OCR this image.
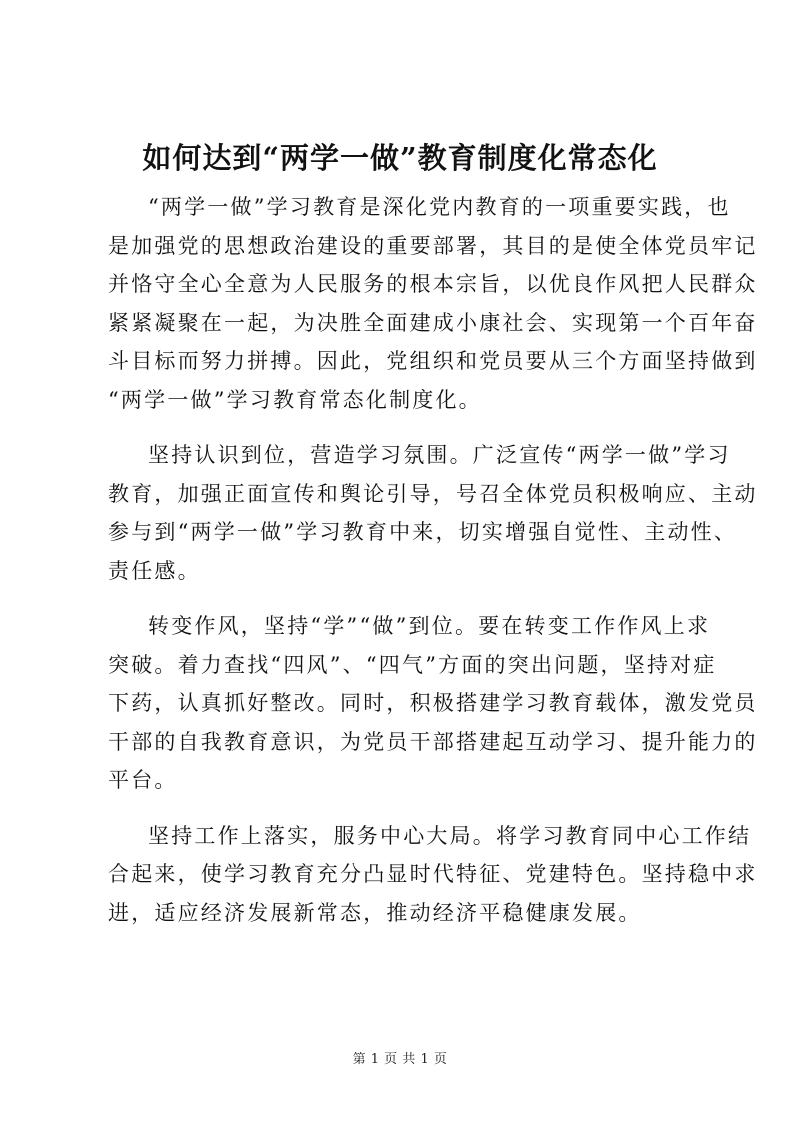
如何达到“两学一做”教育制度化常态化
“两学一做”学习教育是深化党内教育的一项重要实践，也
是加强党的思想政治建设的重要部署，其目的是使全体党员牢记
并恪守全心全意为人民服务的根本宗旨，以优良作风把人民群众
紧紧凝聚在一起，为决胜全面建成小康社会、实现第一个百年奋
斗目标而努力拼搏。因此，党组织和党员要从三个方面坚持做到
“两学一做”学习教育常态化制度化。
坚持认识到位，营造学习氛围。广泛宣传“两学一做”学习
教育，加强正面宣传和舆论引导，号召全体党员积极响应、主动
参与到“两学一做”学习教育中来，切实增强自觉性、主动性、
责任感。
转变作风，坚持“学”“做”到位。要在转变工作作风上求
突破。着力查找“四风”、“四气”方面的突出问题，坚持对症
下药，认真抓好整改。同时，积极搭建学习教育载体，激发党员
干部的自我教育意识，为党员干部搭建起互动学习、提升能力的
平台。
坚持工作上落实，服务中心大局。将学习教育同中心工作结
合起来，使学习教育充分凸显时代特征、党建特色。坚持稳中求
进，适应经济发展新常态，推动经济平稳健康发展。
第 1 页 共 1 页
